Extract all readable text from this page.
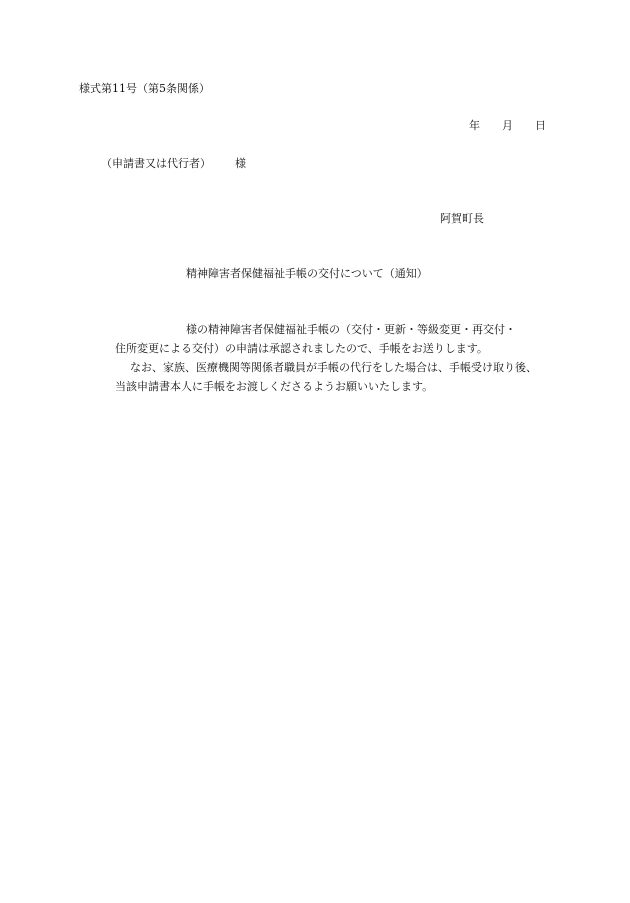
様式第11号（第5条関係）
年 月 日
（申請書又は代行者） 様
阿賀町長
精神障害者保健福祉手帳の交付について（通知）
様の精神障害者保健福祉手帳の（交付・更新・等級変更・再交付・
住所変更による交付）の申請は承認されましたので、手帳をお送りします。
なお、家族、医療機関等関係者職員が手帳の代行をした場合は、手帳受け取り後、
当該申請書本人に手帳をお渡しくださるようお願いいたします。
